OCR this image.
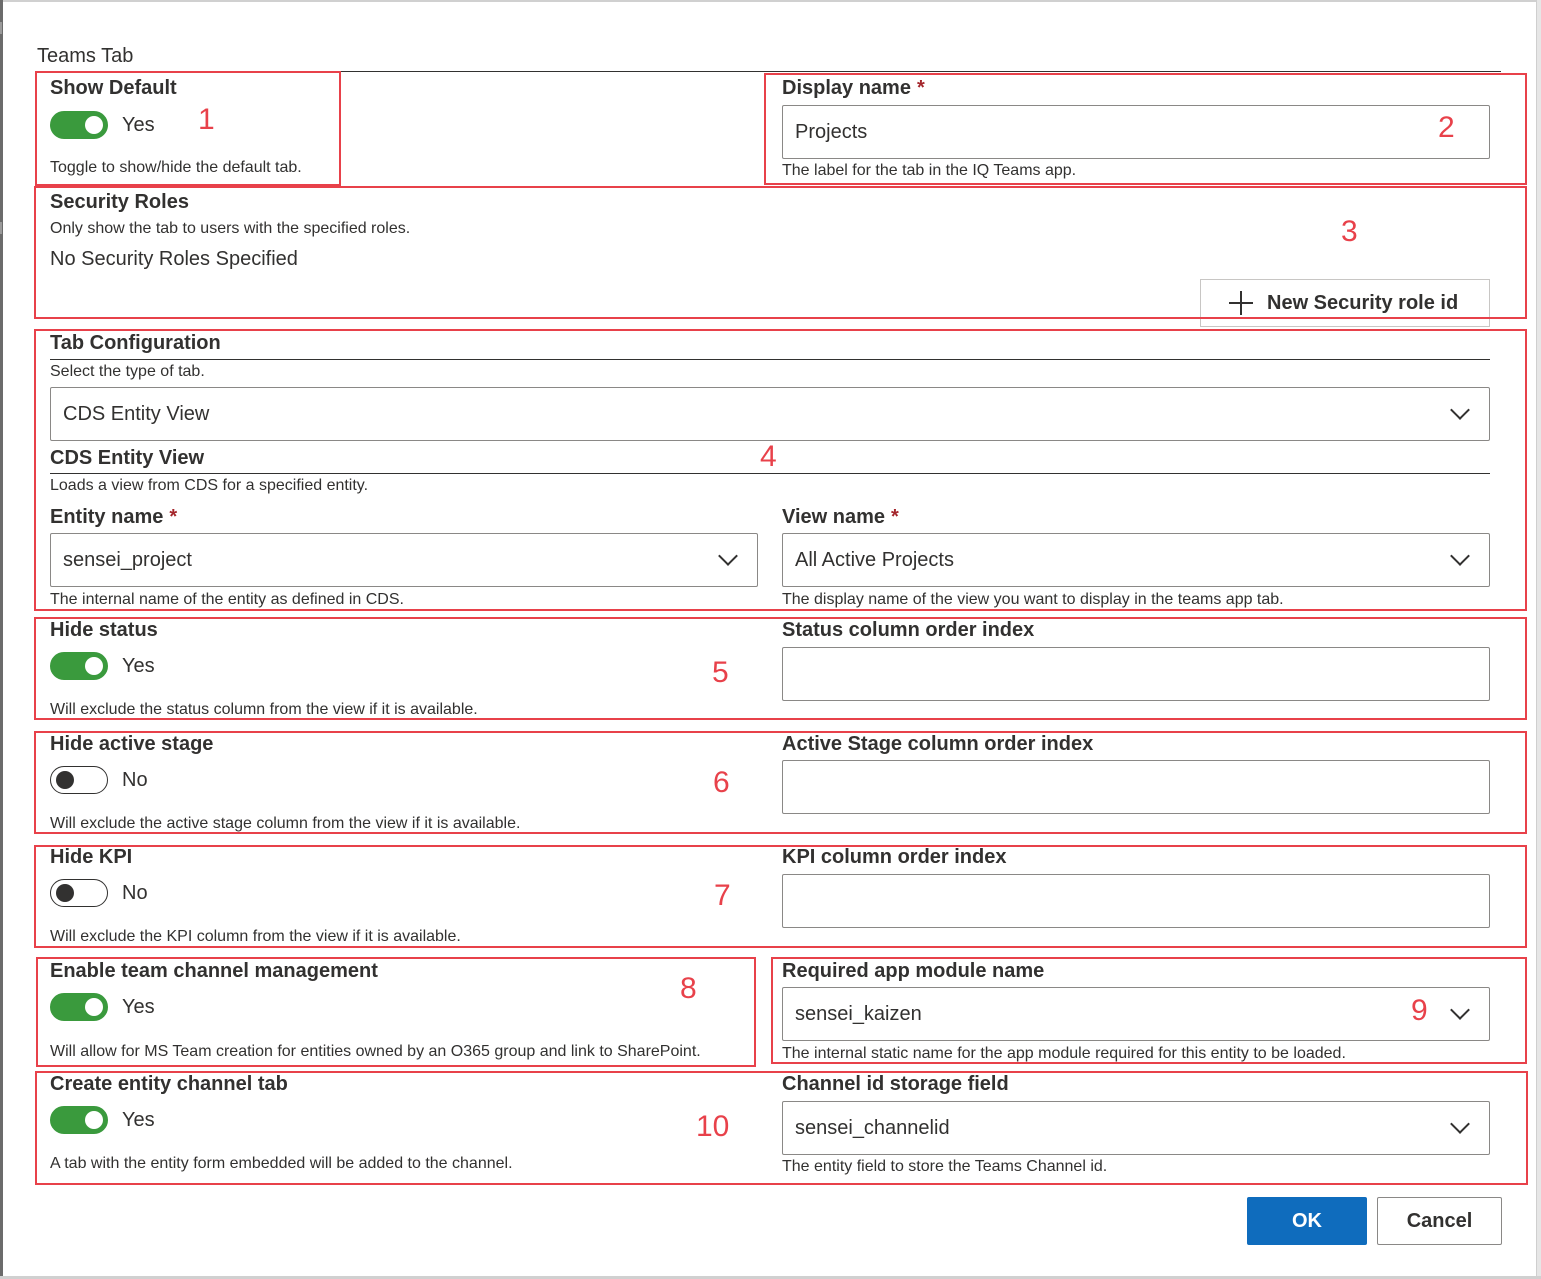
Teams Tab
Show Default
Yes
Toggle to show/hide the default tab.
Display name *
Projects
The label for the tab in the IQ Teams app.
Security Roles
Only show the tab to users with the specified roles.
No Security Roles Specified
New Security role id
Tab Configuration
Select the type of tab.
CDS Entity View
CDS Entity View
Loads a view from CDS for a specified entity.
Entity name *
sensei_project
The internal name of the entity as defined in CDS.
View name *
All Active Projects
The display name of the view you want to display in the teams app tab.
Hide status
Yes
Will exclude the status column from the view if it is available.
Status column order index
Hide active stage
No
Will exclude the active stage column from the view if it is available.
Active Stage column order index
Hide KPI
No
Will exclude the KPI column from the view if it is available.
KPI column order index
Enable team channel management
Yes
Will allow for MS Team creation for entities owned by an O365 group and link to SharePoint.
Required app module name
sensei_kaizen
The internal static name for the app module required for this entity to be loaded.
Create entity channel tab
Yes
A tab with the entity form embedded will be added to the channel.
Channel id storage field
sensei_channelid
The entity field to store the Teams Channel id.
OK	Cancel
1	2
3
4
5
6
7
8
9
10
